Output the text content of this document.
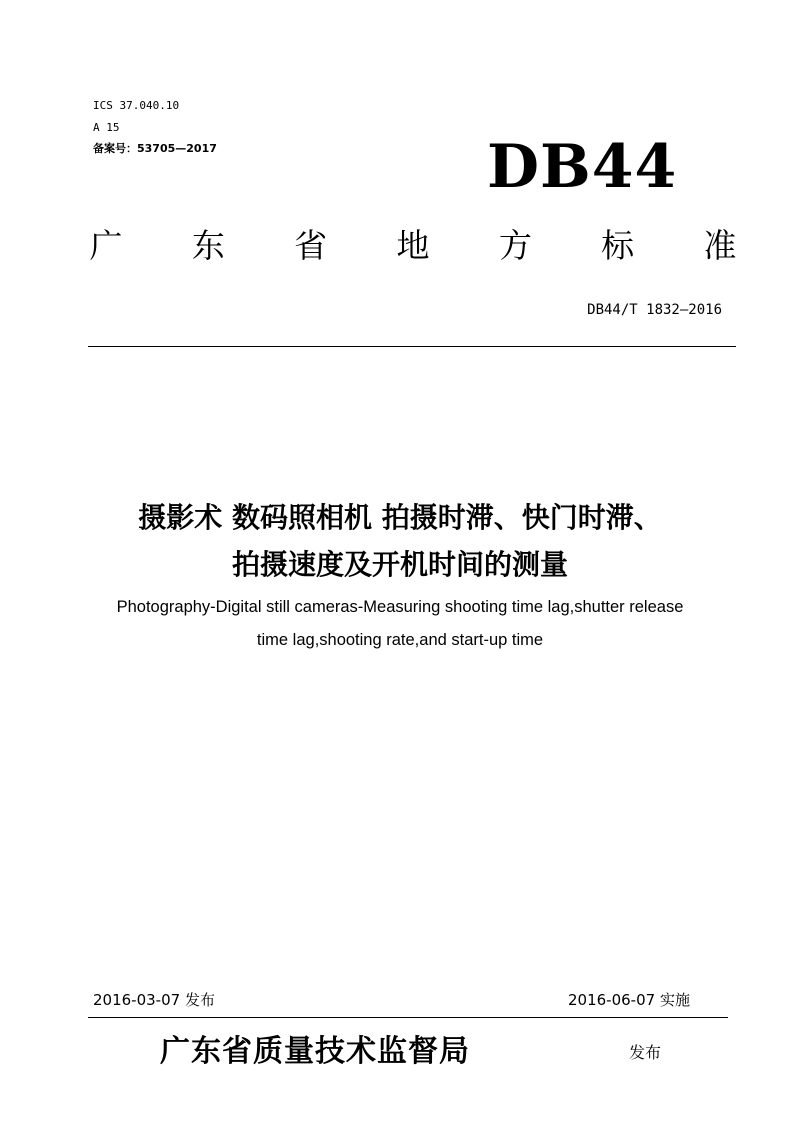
ICS 37.040.10
A 15
备案号：53705—2017	DB44
广 东 省 地 方 标 准
DB44/T 1832—2016
摄影术 数码照相机 拍摄时滞、快门时滞、
拍摄速度及开机时间的测量
Photography-Digital still cameras-Measuring shooting time lag,shutter release
time lag,shooting rate,and start-up time
2016-03-07 发布	2016-06-07 实施
广东省质量技术监督局	发布
